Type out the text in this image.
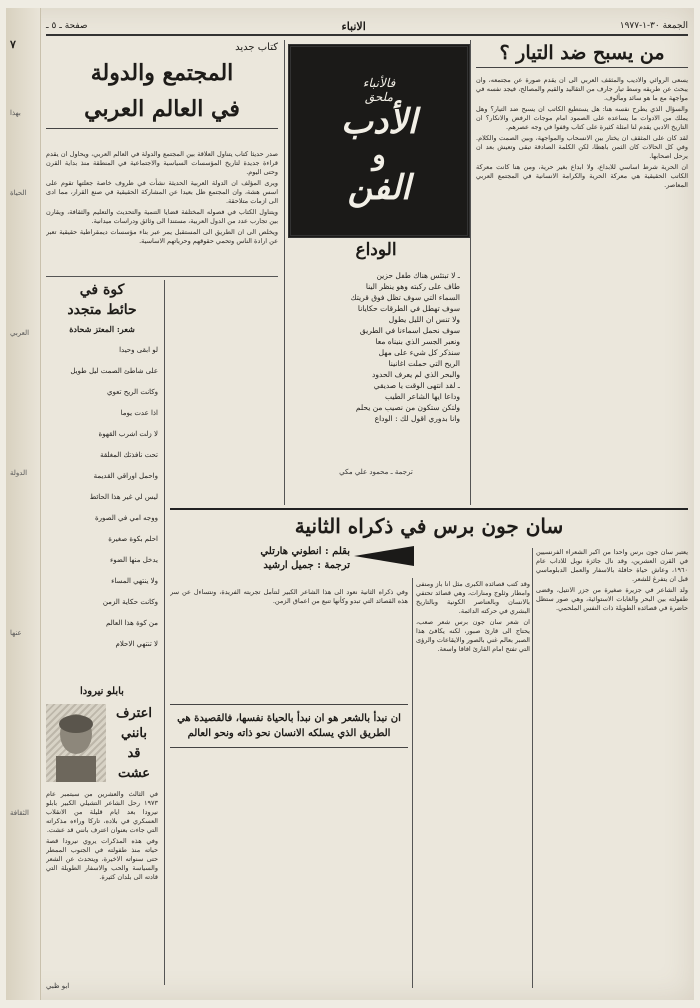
٧
بهذا
الحياة
العربي
الدولة
عنها
الثقافة
الجمعة ٣٠-١-١٩٧٧
الانباء
صفحة ـ ٥ ـ
من يسبح ضد التيار ؟

يسعى الروائي والاديب والمثقف العربي الى ان يقدم صورة عن مجتمعه، وان يبحث عن طريقه وسط تيار جارف من التقاليد والقيم والمصالح، فيجد نفسه في مواجهة مع ما هو سائد ومألوف.

والسؤال الذي يطرح نفسه هنا: هل يستطيع الكاتب ان يسبح ضد التيار؟ وهل يملك من الادوات ما يساعده على الصمود امام موجات الرفض والانكار؟ ان التاريخ الادبي يقدم لنا امثلة كثيرة على كتاب وقفوا في وجه عصرهم.

لقد كان على المثقف ان يختار بين الانسحاب والمواجهة، وبين الصمت والكلام. وفي كل الحالات كان الثمن باهظا، لكن الكلمة الصادقة تبقى وتعيش بعد ان يرحل اصحابها.

ان الحرية شرط اساسي للابداع، ولا ابداع بغير حرية، ومن هنا كانت معركة الكاتب الحقيقية هي معركة الحرية والكرامة الانسانية في المجتمع العربي المعاصر.

فالأنباء
ملحق
الأدب
و
الفن
الوداع
ـ لا تبتئس هناك طفل حزين
طاف على ركبته وهو ينظر الينا
السماء التي سوف تظل فوق قريتك
سوف تهطل في الطرقات حكايانا
ولا تنس ان الليل يطول
سوف نحمل اسماءنا في الطريق
ونعبر الجسر الذي بنيناه معا
سنذكر كل شيء على مهل
الريح التي حملت اغانينا
والبحر الذي لم يعرف الحدود
ـ لقد انتهى الوقت يا صديقي
وداعا ايها الشاعر الطيب
ولتكن ستكون من نصيب من يحلم
وانا بدوري اقول لك : الوداع
ترجمة ـ محمود علي مكي
كتاب جديد
المجتمع والدولة
في العالم العربي

صدر حديثا كتاب يتناول العلاقة بين المجتمع والدولة في العالم العربي، ويحاول ان يقدم قراءة جديدة لتاريخ المؤسسات السياسية والاجتماعية في المنطقة منذ بداية القرن وحتى اليوم.

ويرى المؤلف ان الدولة العربية الحديثة نشأت في ظروف خاصة جعلتها تقوم على اسس هشة، وان المجتمع ظل بعيدا عن المشاركة الحقيقية في صنع القرار، مما ادى الى ازمات متلاحقة.

ويتناول الكتاب في فصوله المختلفة قضايا التنمية والتحديث والتعليم والثقافة، ويقارن بين تجارب عدد من الدول العربية، مستندا الى وثائق ودراسات ميدانية.

ويخلص الى ان الطريق الى المستقبل يمر عبر بناء مؤسسات ديمقراطية حقيقية تعبر عن ارادة الناس وتحمي حقوقهم وحرياتهم الاساسية.

كوة في
حائط متجدد
شعر: المعتز شحادة
لو ابقى وحيدا
على شاطئ الصمت ليل طويل
وكانت الريح تعوي
اذا عدت يوما
لا زلت اشرب القهوة
تحت نافذتك المغلقة
واحمل اوراقي القديمة
ليس لي غير هذا الحائط
ووجه امي في الصورة
احلم بكوة صغيرة
يدخل منها الضوء
ولا ينتهي المساء
وكانت حكاية الزمن
من كوة هذا العالم
لا تنتهي الاحلام
بابلو نيرودا
اعترف
بانني
قد
عشت

في الثالث والعشرين من سبتمبر عام ١٩٧٣ رحل الشاعر التشيلي الكبير بابلو نيرودا بعد ايام قليلة من الانقلاب العسكري في بلاده، تاركا وراءه مذكراته التي جاءت بعنوان اعترف بانني قد عشت.

وفي هذه المذكرات يروي نيرودا قصة حياته منذ طفولته في الجنوب الممطر حتى سنواته الاخيرة، ويتحدث عن الشعر والسياسة والحب والاسفار الطويلة التي قادته الى بلدان كثيرة.

ابو ظبي
سان جون برس في ذكراه الثانية
بقلم : انطوني هارتلي
ترجمة : جميل ارشيد

يعتبر سان جون برس واحدا من اكبر الشعراء الفرنسيين في القرن العشرين، وقد نال جائزة نوبل للاداب عام ١٩٦٠، وعاش حياة حافلة بالاسفار والعمل الدبلوماسي قبل ان يتفرغ للشعر.

ولد الشاعر في جزيرة صغيرة من جزر الانتيل، وقضى طفولته بين البحر والغابات الاستوائية، وهي صور ستظل حاضرة في قصائده الطويلة ذات النفس الملحمي.

وقد كتب قصائده الكبرى مثل انا باز ومنفى وامطار وثلوج ومنارات، وهي قصائد تحتفي بالانسان وبالعناصر الكونية وبالتاريخ البشري في حركته الدائمة.

ان شعر سان جون برس شعر صعب، يحتاج الى قارئ صبور، لكنه يكافئ هذا الصبر بعالم غني بالصور والايقاعات والرؤى التي تفتح امام القارئ افاقا واسعة.

وفي ذكراه الثانية نعود الى هذا الشاعر الكبير لنتأمل تجربته الفريدة، ونتساءل عن سر هذه القصائد التي تبدو وكأنها تنبع من اعماق الزمن.

ان نبدأ بالشعر هو ان نبدأ بالحياة نفسها، فالقصيدة هي الطريق الذي يسلكه الانسان نحو ذاته ونحو العالم
